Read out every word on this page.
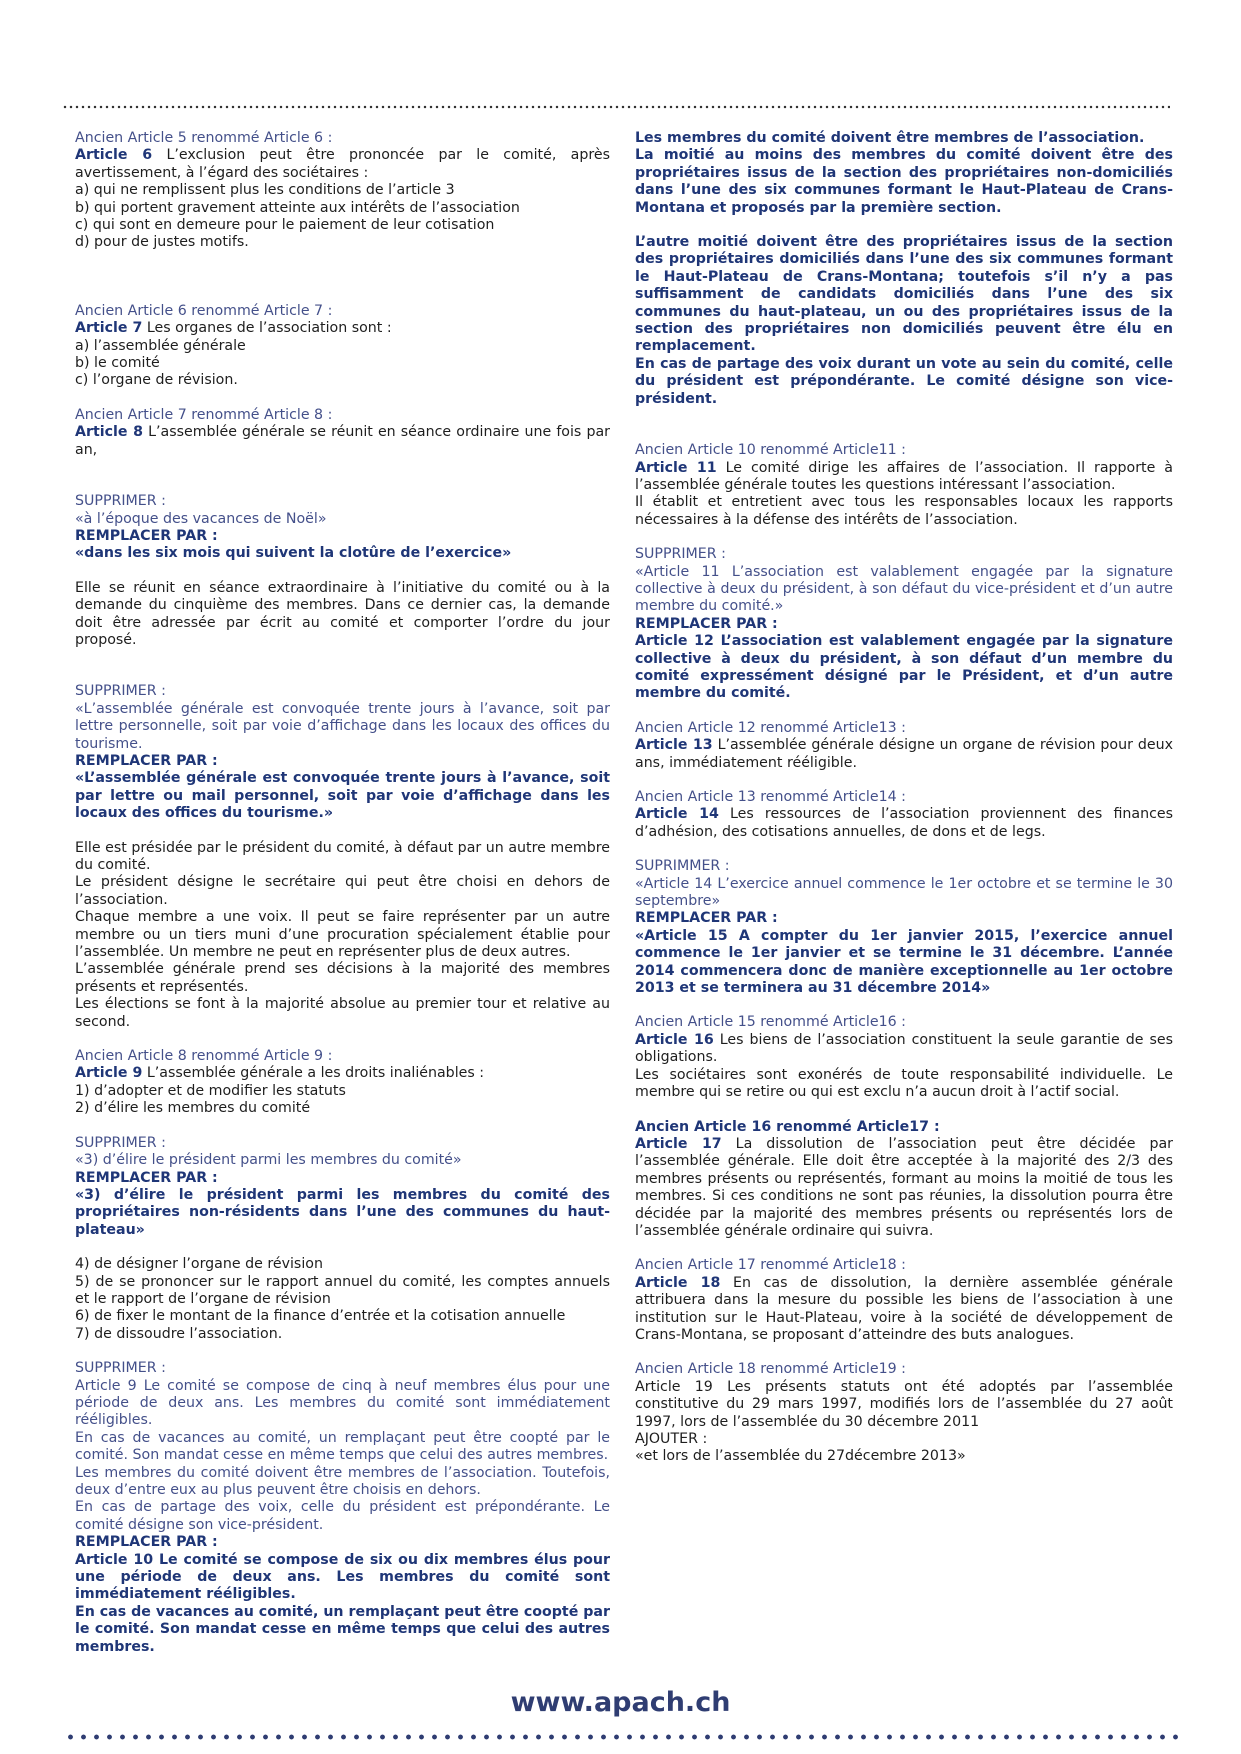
Ancien Article 5 renommé Article 6 :

Article 6 L’exclusion peut être prononcée par le comité, après avertissement, à l’égard des sociétaires :

a) qui ne remplissent plus les conditions de l’article 3

b) qui portent gravement atteinte aux intérêts de l’association

c) qui sont en demeure pour le paiement de leur cotisation

d) pour de justes motifs.

Ancien Article 6 renommé Article 7 :

Article 7 Les organes de l’association sont :

a) l’assemblée générale

b) le comité

c) l’organe de révision.

Ancien Article 7 renommé Article 8 :

Article 8 L’assemblée générale se réunit en séance ordinaire une fois par an,

SUPPRIMER :

«à l’époque des vacances de Noël»

REMPLACER PAR :

«dans les six mois qui suivent la clotûre de l’exercice»

Elle se réunit en séance extraordinaire à l’initiative du comité ou à la demande du cinquième des membres. Dans ce dernier cas, la demande doit être adressée par écrit au comité et comporter l’ordre du jour proposé.

SUPPRIMER :

«L’assemblée générale est convoquée trente jours à l’avance, soit par lettre personnelle, soit par voie d’affichage dans les locaux des offices du tourisme.

REMPLACER PAR :

«L’assemblée générale est convoquée trente jours à l’avance, soit par lettre ou mail personnel, soit par voie d’affichage dans les locaux des offices du tourisme.»

Elle est présidée par le président du comité, à défaut par un autre membre du comité.

Le président désigne le secrétaire qui peut être choisi en dehors de l’association.

Chaque membre a une voix. Il peut se faire représenter par un autre membre ou un tiers muni d’une procuration spécialement établie pour l’assemblée. Un membre ne peut en représenter plus de deux autres.

L’assemblée générale prend ses décisions à la majorité des membres présents et représentés.

Les élections se font à la majorité absolue au premier tour et relative au second.

Ancien Article 8 renommé Article 9 :

Article 9 L’assemblée générale a les droits inaliénables :

1) d’adopter et de modifier les statuts

2) d’élire les membres du comité

SUPPRIMER :

«3) d’élire le président parmi les membres du comité»

REMPLACER PAR :

«3) d’élire le président parmi les membres du comité des propriétaires non-résidents dans l’une des communes du haut-plateau»

4) de désigner l’organe de révision

5) de se prononcer sur le rapport annuel du comité, les comptes annuels et le rapport de l’organe de révision

6) de fixer le montant de la finance d’entrée et la cotisation annuelle

7) de dissoudre l’association.

SUPPRIMER :

Article 9 Le comité se compose de cinq à neuf membres élus pour une période de deux ans. Les membres du comité sont immédiatement rééligibles.

En cas de vacances au comité, un remplaçant peut être coopté par le comité. Son mandat cesse en même temps que celui des autres membres.

Les membres du comité doivent être membres de l’association. Toutefois, deux d’entre eux au plus peuvent être choisis en dehors.

En cas de partage des voix, celle du président est prépondérante. Le comité désigne son vice-président.

REMPLACER PAR :

Article 10 Le comité se compose de six ou dix membres élus pour une période de deux ans. Les membres du comité sont immédiatement rééligibles.

En cas de vacances au comité, un remplaçant peut être coopté par le comité. Son mandat cesse en même temps que celui des autres membres.

Les membres du comité doivent être membres de l’association.

La moitié au moins des membres du comité doivent être des propriétaires issus de la section des propriétaires non-domiciliés dans l’une des six communes formant le Haut-Plateau de Crans-Montana et proposés par la première section.

L’autre moitié doivent être des propriétaires issus de la section des propriétaires domiciliés dans l’une des six communes formant le Haut-Plateau de Crans-Montana; toutefois s’il n’y a pas suffisamment de candidats domiciliés dans l’une des six communes du haut-plateau, un ou des propriétaires issus de la section des propriétaires non domiciliés peuvent être élu en remplacement.

En cas de partage des voix durant un vote au sein du comité, celle du président est prépondérante. Le comité désigne son vice-président.

Ancien Article 10 renommé Article11 :

Article 11 Le comité dirige les affaires de l’association. Il rapporte à l’assemblée générale toutes les questions intéressant l’association.

Il établit et entretient avec tous les responsables locaux les rapports nécessaires à la défense des intérêts de l’association.

SUPPRIMER :

«Article 11 L’association est valablement engagée par la signature collective à deux du président, à son défaut du vice-président et d’un autre membre du comité.»

REMPLACER PAR :

Article 12 L’association est valablement engagée par la signature collective à deux du président, à son défaut d’un membre du comité expressément désigné par le Président, et d’un autre membre du comité.

Ancien Article 12 renommé Article13 :

Article 13 L’assemblée générale désigne un organe de révision pour deux ans, immédiatement rééligible.

Ancien Article 13 renommé Article14 :

Article 14 Les ressources de l’association proviennent des finances d’adhésion, des cotisations annuelles, de dons et de legs.

SUPRIMMER :

«Article 14 L’exercice annuel commence le 1er octobre et se termine le 30 septembre»

REMPLACER PAR :

«Article 15 A compter du 1er janvier 2015, l’exercice annuel commence le 1er janvier et se termine le 31 décembre. L’année 2014 commencera donc de manière exceptionnelle au 1er octobre 2013 et se terminera au 31 décembre 2014»

Ancien Article 15 renommé Article16 :

Article 16 Les biens de l’association constituent la seule garantie de ses obligations.

Les sociétaires sont exonérés de toute responsabilité individuelle. Le membre qui se retire ou qui est exclu n’a aucun droit à l’actif social.

Ancien Article 16 renommé Article17 :

Article 17 La dissolution de l’association peut être décidée par l’assemblée générale. Elle doit être acceptée à la majorité des 2/3 des membres présents ou représentés, formant au moins la moitié de tous les membres. Si ces conditions ne sont pas réunies, la dissolution pourra être décidée par la majorité des membres présents ou représentés lors de l’assemblée générale ordinaire qui suivra.

Ancien Article 17 renommé Article18 :

Article 18 En cas de dissolution, la dernière assemblée générale attribuera dans la mesure du possible les biens de l’association à une institution sur le Haut-Plateau, voire à la société de développement de Crans-Montana, se proposant d’atteindre des buts analogues.

Ancien Article 18 renommé Article19 :

Article 19 Les présents statuts ont été adoptés par l’assemblée constitutive du 29 mars 1997, modifiés lors de l’assemblée du 27 août 1997, lors de l’assemblée du 30 décembre 2011

AJOUTER :

«et lors de l’assemblée du 27décembre 2013»

www.apach.ch
